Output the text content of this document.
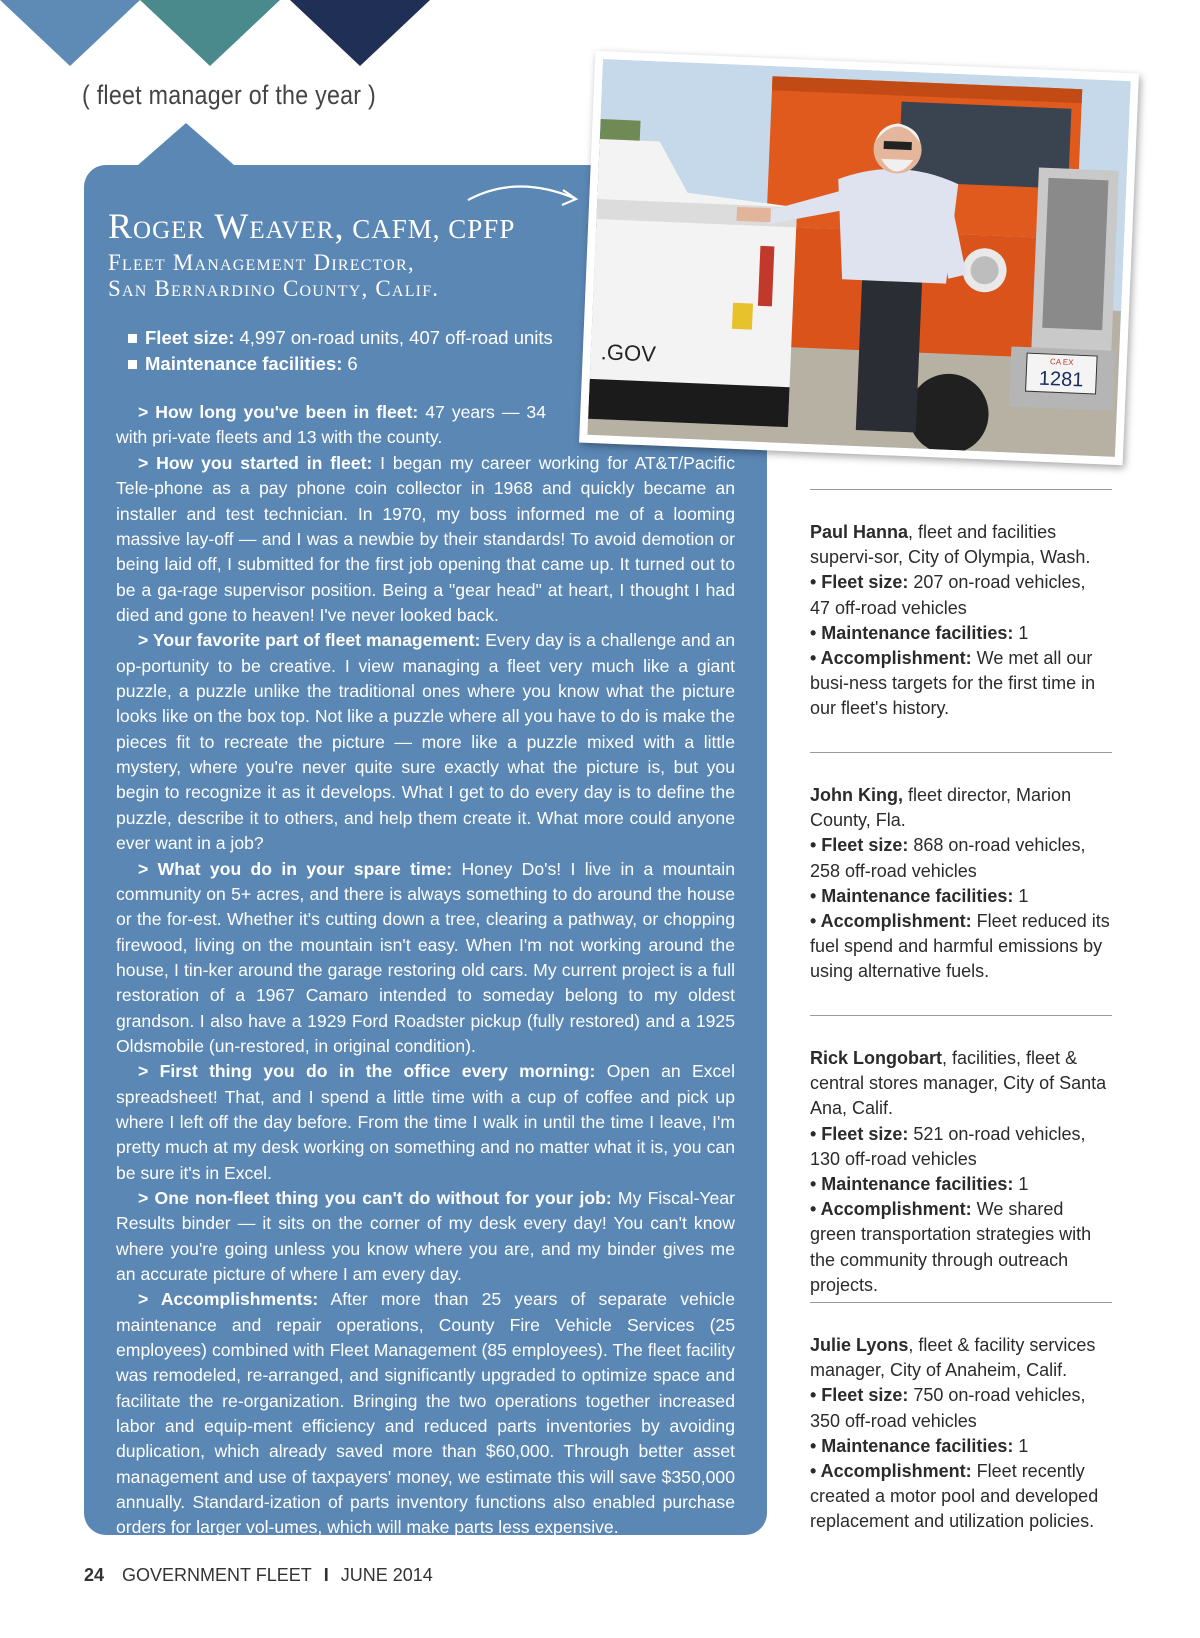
( fleet manager of the year )
Roger Weaver, CAFM, CPFP
Fleet Management Director,
San Bernardino County, Calif.
Fleet size: 4,997 on-road units, 407 off-road units
Maintenance facilities: 6

> How long you've been in fleet: 47 years — 34 with pri-vate fleets and 13 with the county.

> How you started in fleet: I began my career working for AT&T/Pacific Tele-phone as a pay phone coin collector in 1968 and quickly became an installer and test technician. In 1970, my boss informed me of a looming massive lay-off — and I was a newbie by their standards! To avoid demotion or being laid off, I submitted for the first job opening that came up. It turned out to be a ga-rage supervisor position. Being a "gear head" at heart, I thought I had died and gone to heaven! I've never looked back.

> Your favorite part of fleet management: Every day is a challenge and an op-portunity to be creative. I view managing a fleet very much like a giant puzzle, a puzzle unlike the traditional ones where you know what the picture looks like on the box top. Not like a puzzle where all you have to do is make the pieces fit to recreate the picture — more like a puzzle mixed with a little mystery, where you're never quite sure exactly what the picture is, but you begin to recognize it as it develops. What I get to do every day is to define the puzzle, describe it to others, and help them create it. What more could anyone ever want in a job?

> What you do in your spare time: Honey Do's! I live in a mountain community on 5+ acres, and there is always something to do around the house or the for-est. Whether it's cutting down a tree, clearing a pathway, or chopping firewood, living on the mountain isn't easy. When I'm not working around the house, I tin-ker around the garage restoring old cars. My current project is a full restoration of a 1967 Camaro intended to someday belong to my oldest grandson. I also have a 1929 Ford Roadster pickup (fully restored) and a 1925 Oldsmobile (un-restored, in original condition).

> First thing you do in the office every morning: Open an Excel spreadsheet! That, and I spend a little time with a cup of coffee and pick up where I left off the day before. From the time I walk in until the time I leave, I'm pretty much at my desk working on something and no matter what it is, you can be sure it's in Excel.

> One non-fleet thing you can't do without for your job: My Fiscal-Year Results binder — it sits on the corner of my desk every day! You can't know where you're going unless you know where you are, and my binder gives me an accurate picture of where I am every day.

> Accomplishments: After more than 25 years of separate vehicle maintenance and repair operations, County Fire Vehicle Services (25 employees) combined with Fleet Management (85 employees). The fleet facility was remodeled, re-arranged, and significantly upgraded to optimize space and facilitate the re-organization. Bringing the two operations together increased labor and equip-ment efficiency and reduced parts inventories by avoiding duplication, which already saved more than $60,000. Through better asset management and use of taxpayers' money, we estimate this will save $350,000 annually. Standard-ization of parts inventory functions also enabled purchase orders for larger vol-umes, which will make parts less expensive.

CA EX
1281
.GOV
Paul Hanna, fleet and facilities supervi-sor, City of Olympia, Wash.
• Fleet size: 207 on-road vehicles, 47 off-road vehicles
• Maintenance facilities: 1
• Accomplishment: We met all our busi-ness targets for the first time in our fleet's history.
John King, fleet director, Marion County, Fla.
• Fleet size: 868 on-road vehicles, 258 off-road vehicles
• Maintenance facilities: 1
• Accomplishment: Fleet reduced its fuel spend and harmful emissions by using alternative fuels.
Rick Longobart, facilities, fleet & central stores manager, City of Santa Ana, Calif.
• Fleet size: 521 on-road vehicles, 130 off-road vehicles
• Maintenance facilities: 1
• Accomplishment: We shared green transportation strategies with the community through outreach projects.
Julie Lyons, fleet & facility services manager, City of Anaheim, Calif.
• Fleet size: 750 on-road vehicles, 350 off-road vehicles
• Maintenance facilities: 1
• Accomplishment: Fleet recently created a motor pool and developed replacement and utilization policies.
24 GOVERNMENT FLEET I JUNE 2014
